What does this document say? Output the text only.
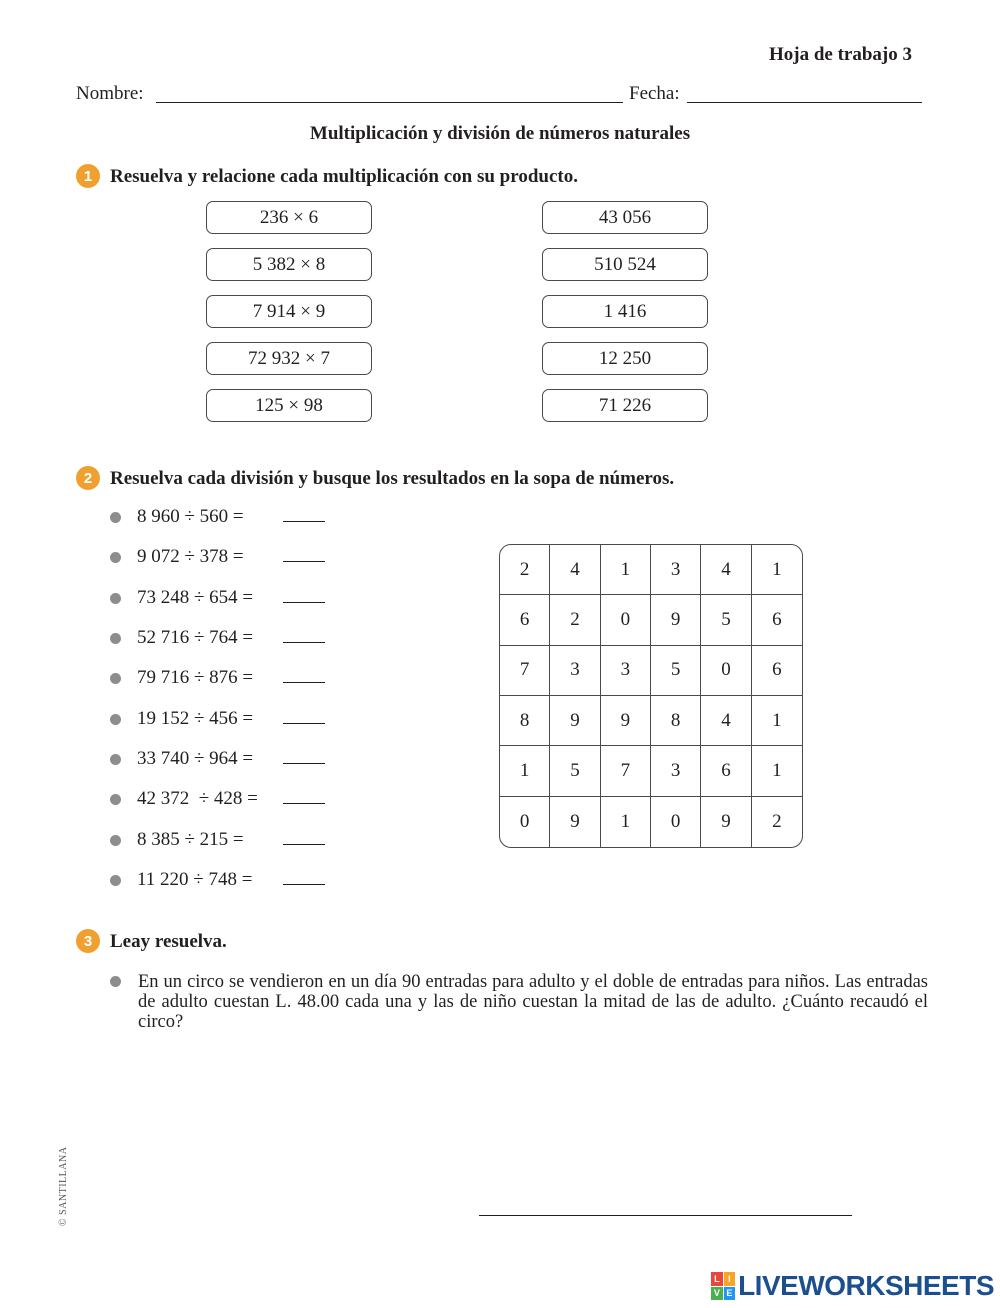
Hoja de trabajo 3
Nombre:	Fecha:
Multiplicación y división de números naturales
1 Resuelva y relacione cada multiplicación con su producto.
236 × 6
5 382 × 8
7 914 × 9
72 932 × 7
125 × 98
43 056
510 524
1 416
12 250
71 226
2 Resuelva cada división y busque los resultados en la sopa de números.
8 960 ÷ 560 =
9 072 ÷ 378 =
73 248 ÷ 654 =
52 716 ÷ 764 =
79 716 ÷ 876 =
19 152 ÷ 456 =
33 740 ÷ 964 =
42 372  ÷ 428 =
8 385 ÷ 215 =
11 220 ÷ 748 =
2	4	1	3	4	1
6	2	0	9	5	6
7	3	3	5	0	6
8	9	9	8	4	1
1	5	7	3	6	1
0	9	1	0	9	2
3 Leay resuelva.
En un circo se vendieron en un día 90 entradas para adulto y el doble de entradas para niños. Las entradas de adulto cuestan L. 48.00 cada una y las de niño cuestan la mitad de las de adulto. ¿Cuánto recaudó el circo?
© SANTILLANA
L I
V E LIVEWORKSHEETS
